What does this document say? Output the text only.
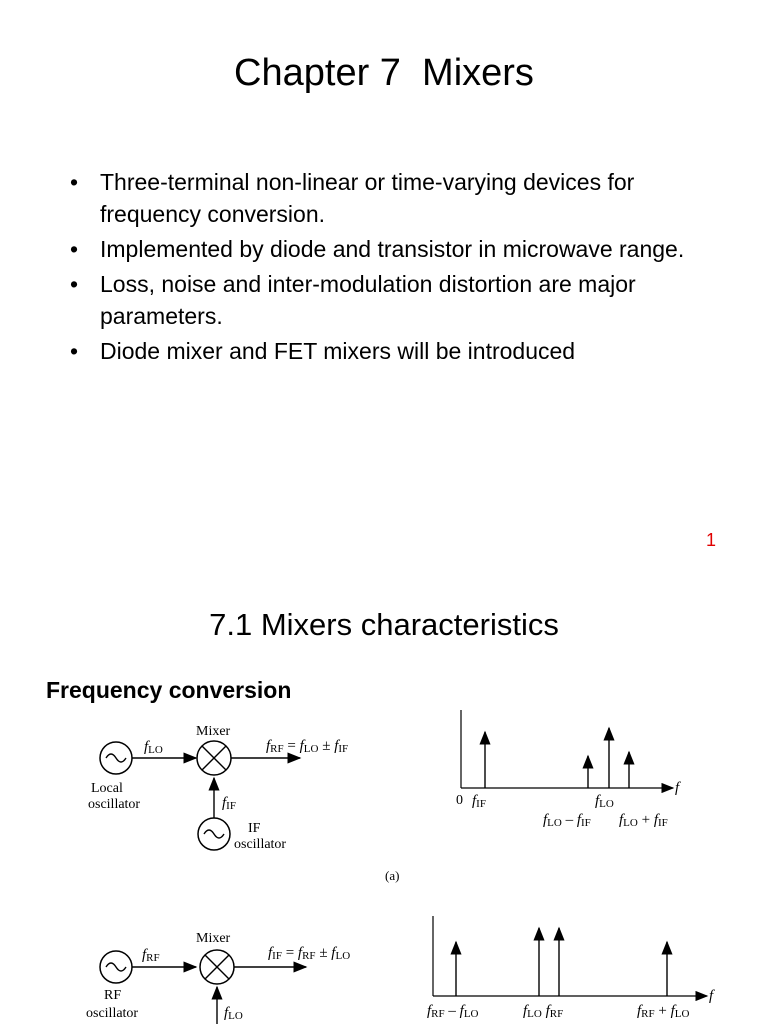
Chapter 7  Mixers
• Three-terminal non-linear or time-varying devices for frequency conversion.
• Implemented by diode and transistor in microwave range.
• Loss, noise and inter-modulation distortion are major parameters.
• Diode mixer and FET mixers will be introduced
1
7.1 Mixers characteristics
Frequency conversion
Mixer
Local
oscillator
IF
oscillator
fLO	fRF = fLO ± fIF
fIF
f
0 fIF	fLO
fLO – fIF fLO + fIF
(a)
Mixer
RF
oscillator
fRF	fIF = fRF ± fLO
fLO
f
fRF – fLO	fLO fRF	fRF + fLO
